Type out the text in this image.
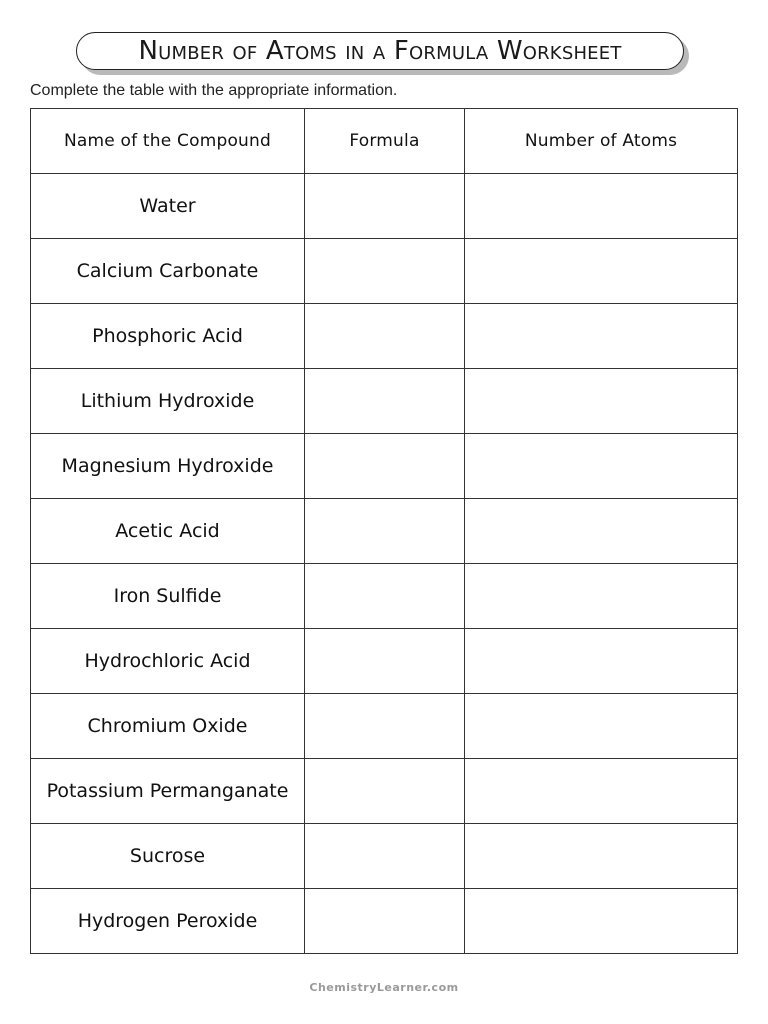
Number of Atoms in a Formula Worksheet
Complete the table with the appropriate information.
Name of the Compound	Formula	Number of Atoms
Water		
Calcium Carbonate		
Phosphoric Acid		
Lithium Hydroxide		
Magnesium Hydroxide		
Acetic Acid		
Iron Sulfide		
Hydrochloric Acid		
Chromium Oxide		
Potassium Permanganate		
Sucrose		
Hydrogen Peroxide		
ChemistryLearner.com
